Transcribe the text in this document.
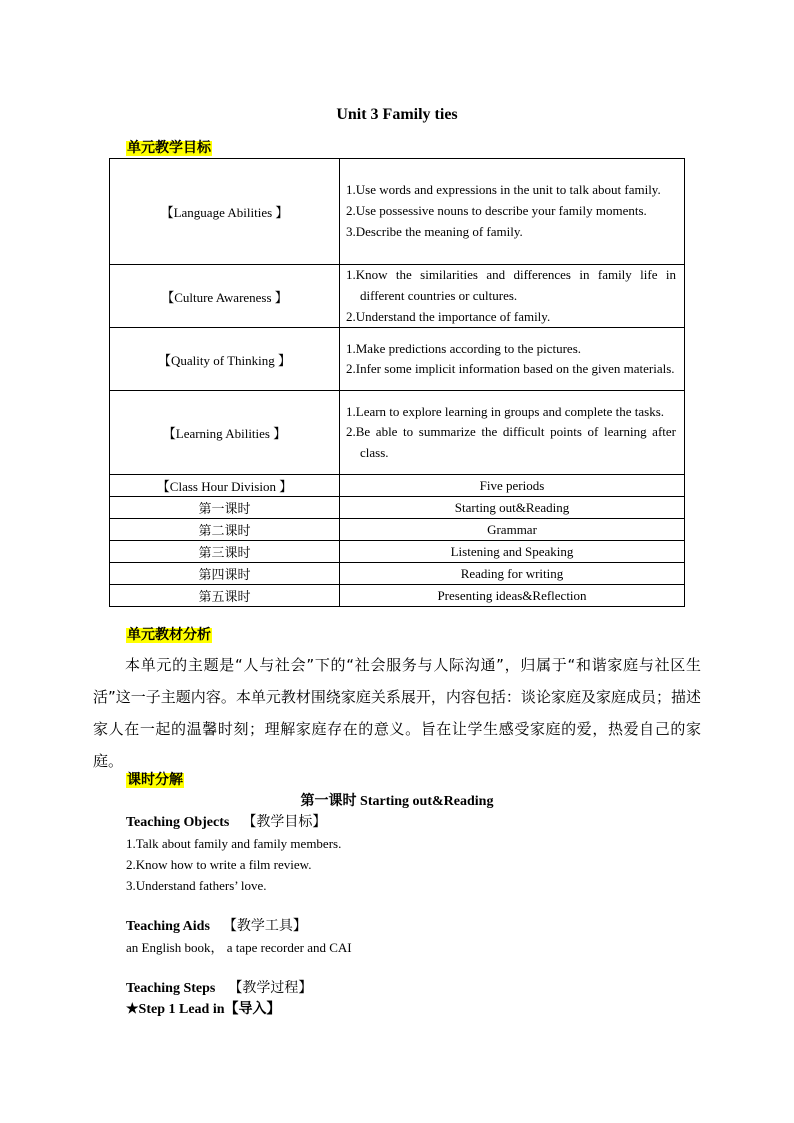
Unit 3 Family ties
单元教学目标
【Language Abilities 】	1.Use words and expressions in the unit to talk about family.
2.Use possessive nouns to describe your family moments.
3.Describe the meaning of family.

【Culture Awareness 】	1.Know the similarities and differences in family life in different countries or cultures.
2.Understand the importance of family.

【Quality of Thinking 】	1.Make predictions according to the pictures.
2.Infer some implicit information based on the given materials.

【Learning Abilities 】	1.Learn to explore learning in groups and complete the tasks.
2.Be able to summarize the difficult points of learning after class.

【Class Hour Division 】	Five periods
第一课时	Starting out&Reading
第二课时	Grammar
第三课时	Listening and Speaking
第四课时	Reading for writing
第五课时	Presenting ideas&Reflection
单元教材分析
本单元的主题是“人与社会”下的“社会服务与人际沟通”，归属于“和谐家庭与社区生活”这一子主题内容。本单元教材围绕家庭关系展开，内容包括：谈论家庭及家庭成员；描述家人在一起的温馨时刻；理解家庭存在的意义。旨在让学生感受家庭的爱，热爱自己的家庭。
课时分解
第一课时 Starting out&Reading
Teaching Objects 【教学目标】
1.Talk about family and family members.
2.Know how to write a film review.
3.Understand fathers’ love.
Teaching Aids 【教学工具】
an English book， a tape recorder and CAI
Teaching Steps 【教学过程】
★Step 1 Lead in【导入】
